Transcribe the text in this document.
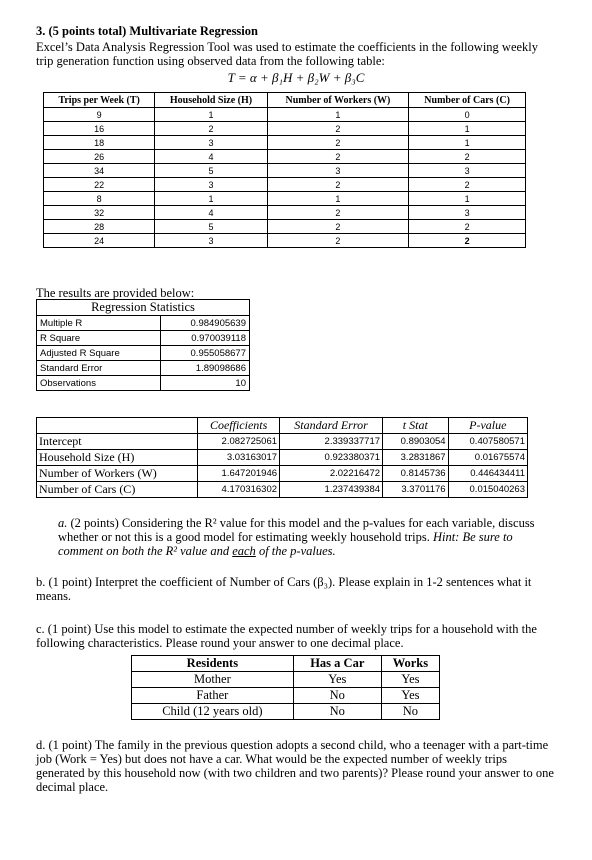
3. (5 points total) Multivariate Regression
Excel’s Data Analysis Regression Tool was used to estimate the coefficients in the following weekly trip generation function using observed data from the following table:
T = α + β₁H + β₂W + β₃C
Trips per Week (T)	Household Size (H)	Number of Workers (W)	Number of Cars (C)
9	1	1	0
16	2	2	1
18	3	2	1
26	4	2	2
34	5	3	3
22	3	2	2
8	1	1	1
32	4	2	3
28	5	2	2
24	3	2	2
The results are provided below:
Regression Statistics	
Multiple R	0.984905639
R Square	0.970039118
Adjusted R Square	0.955058677
Standard Error	1.89098686
Observations	10
	Coefficients	Standard Error	t Stat	P-value
Intercept	2.082725061	2.339337717	0.8903054	0.407580571
Household Size (H)	3.03163017	0.923380371	3.2831867	0.01675574
Number of Workers (W)	1.647201946	2.02216472	0.8145736	0.446434411
Number of Cars (C)	4.170316302	1.237439384	3.3701176	0.015040263
a. (2 points) Considering the R² value for this model and the p-values for each variable, discuss whether or not this is a good model for estimating weekly household trips. Hint: Be sure to comment on both the R² value and each of the p-values.
b. (1 point) Interpret the coefficient of Number of Cars (β₃). Please explain in 1-2 sentences what it means.
c. (1 point) Use this model to estimate the expected number of weekly trips for a household with the following characteristics. Please round your answer to one decimal place.
Residents	Has a Car	Works
Mother	Yes	Yes
Father	No	Yes
Child (12 years old)	No	No
d. (1 point) The family in the previous question adopts a second child, who a teenager with a part-time job (Work = Yes) but does not have a car. What would be the expected number of weekly trips generated by this household now (with two children and two parents)? Please round your answer to one decimal place.
